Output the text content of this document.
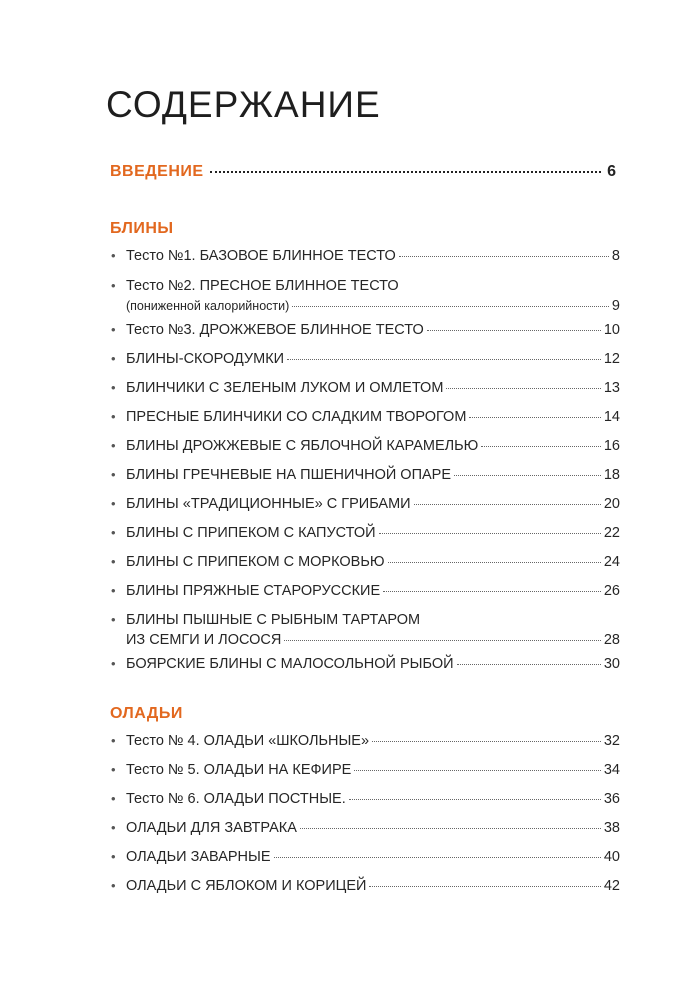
СОДЕРЖАНИЕ
ВВЕДЕНИЕ	6
БЛИНЫ
• Тесто №1. БАЗОВОЕ БЛИННОЕ ТЕСТО	8
• Тесто №2. ПРЕСНОЕ БЛИННОЕ ТЕСТО
(пониженной калорийности)	9
• Тесто №3. ДРОЖЖЕВОЕ БЛИННОЕ ТЕСТО	10
• БЛИНЫ-СКОРОДУМКИ	12
• БЛИНЧИКИ С ЗЕЛЕНЫМ ЛУКОМ И ОМЛЕТОМ	13
• ПРЕСНЫЕ БЛИНЧИКИ СО СЛАДКИМ ТВОРОГОМ	14
• БЛИНЫ ДРОЖЖЕВЫЕ С ЯБЛОЧНОЙ КАРАМЕЛЬЮ	16
• БЛИНЫ ГРЕЧНЕВЫЕ НА ПШЕНИЧНОЙ ОПАРЕ	18
• БЛИНЫ «ТРАДИЦИОННЫЕ» С ГРИБАМИ	20
• БЛИНЫ С ПРИПЕКОМ С КАПУСТОЙ	22
• БЛИНЫ С ПРИПЕКОМ С МОРКОВЬЮ	24
• БЛИНЫ ПРЯЖНЫЕ СТАРОРУССКИЕ	26
• БЛИНЫ ПЫШНЫЕ С РЫБНЫМ ТАРТАРОМ
ИЗ СЕМГИ И ЛОСОСЯ	28
• БОЯРСКИЕ БЛИНЫ С МАЛОСОЛЬНОЙ РЫБОЙ	30
ОЛАДЬИ
• Тесто № 4. ОЛАДЬИ «ШКОЛЬНЫЕ»	32
• Тесто № 5. ОЛАДЬИ НА КЕФИРЕ	34
• Тесто № 6. ОЛАДЬИ ПОСТНЫЕ.	36
• ОЛАДЬИ ДЛЯ ЗАВТРАКА	38
• ОЛАДЬИ ЗАВАРНЫЕ	40
• ОЛАДЬИ С ЯБЛОКОМ И КОРИЦЕЙ	42
